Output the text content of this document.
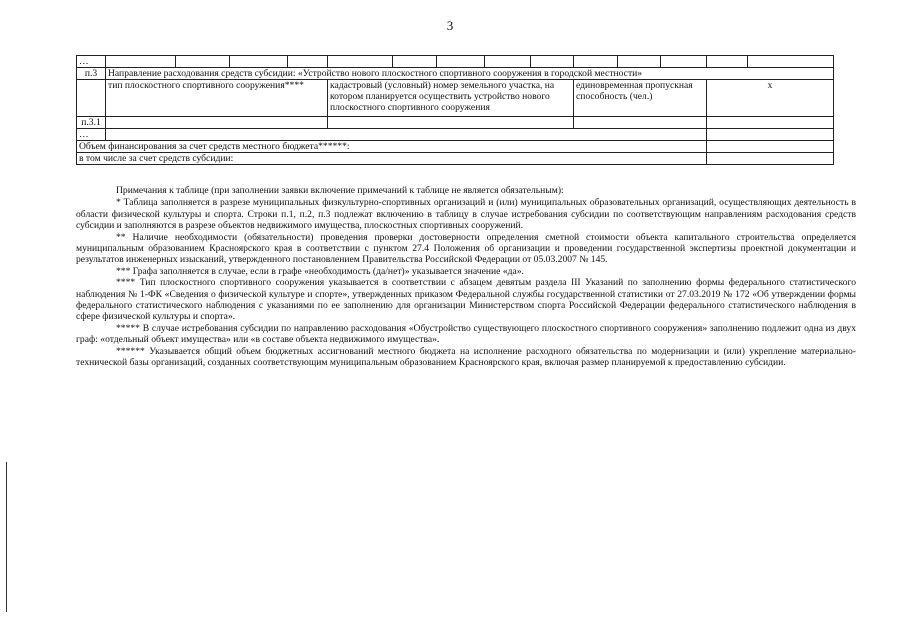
3
…														
п.3	Направление расходования средств субсидии: «Устройство нового плоскостного спортивного сооружения в городской местности»													
	тип плоскостного спортивного сооружения****				кадастровый (условный) номер земельного участка, на котором планируется осуществить устройство нового плоскостного спортивного сооружения					единовременная пропускная способность (чел.)			х	
п.3.1														
…														
Объем финансирования за счет средств местного бюджета******:														
в том числе за счет средств субсидии:														

Примечания к таблице (при заполнении заявки включение примечаний к таблице не является обязательным):

* Таблица заполняется в разрезе муниципальных физкультурно-спортивных организаций и (или) муниципальных образовательных организаций, осуществляющих деятельность в области физической культуры и спорта. Строки п.1, п.2, п.3 подлежат включению в таблицу в случае истребования субсидии по соответствующим направлениям расходования средств субсидии и заполняются в разрезе объектов недвижимого имущества, плоскостных спортивных сооружений.

** Наличие необходимости (обязательности) проведения проверки достоверности определения сметной стоимости объекта капитального строительства определяется муниципальным образованием Красноярского края в соответствии с пунктом 27.4 Положения об организации и проведении государственной экспертизы проектной документации и результатов инженерных изысканий, утвержденного постановлением Правительства Российской Федерации от 05.03.2007 № 145.

*** Графа заполняется в случае, если в графе «необходимость (да/нет)» указывается значение «да».

**** Тип плоскостного спортивного сооружения указывается в соответствии с абзацем девятым раздела III Указаний по заполнению формы федерального статистического наблюдения № 1-ФК «Сведения о физической культуре и спорте», утвержденных приказом Федеральной службы государственной статистики от 27.03.2019 № 172 «Об утверждении формы федерального статистического наблюдения с указаниями по ее заполнению для организации Министерством спорта Российской Федерации федерального статистического наблюдения в сфере физической культуры и спорта».

***** В случае истребования субсидии по направлению расходования «Обустройство существующего плоскостного спортивного сооружения» заполнению подлежит одна из двух граф: «отдельный объект имущества» или «в составе объекта недвижимого имущества».

****** Указывается общий объем бюджетных ассигнований местного бюджета на исполнение расходного обязательства по модернизации и (или) укрепление материально-технической базы организаций, созданных соответствующим муниципальным образованием Красноярского края, включая размер планируемой к предоставлению субсидии.
